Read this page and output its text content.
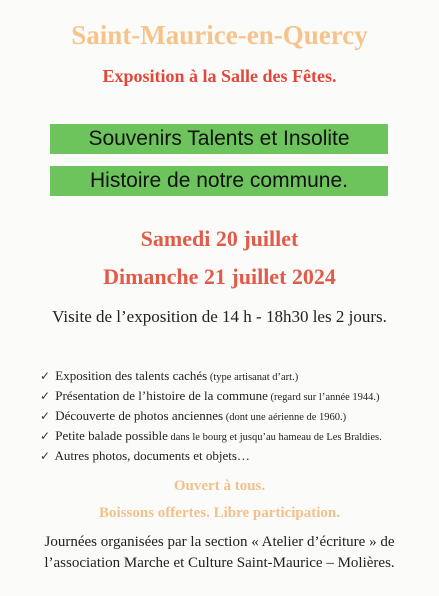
Saint-Maurice-en-Quercy
Exposition à la Salle des Fêtes.
Souvenirs Talents et Insolite
Histoire de notre commune.
Samedi 20 juillet
Dimanche 21 juillet 2024
Visite de l’exposition de 14 h - 18h30 les 2 jours.
✓ Exposition des talents cachés (type artisanat d’art.)
✓ Présentation de l’histoire de la commune (regard sur l’année 1944.)
✓ Découverte de photos anciennes (dont une aérienne de 1960.)
✓ Petite balade possible dans le bourg et jusqu’au hameau de Les Braldies.
✓ Autres photos, documents et objets…
Ouvert à tous.
Boissons offertes. Libre participation.
Journées organisées par la section « Atelier d’écriture » de
l’association Marche et Culture Saint-Maurice – Molières.
